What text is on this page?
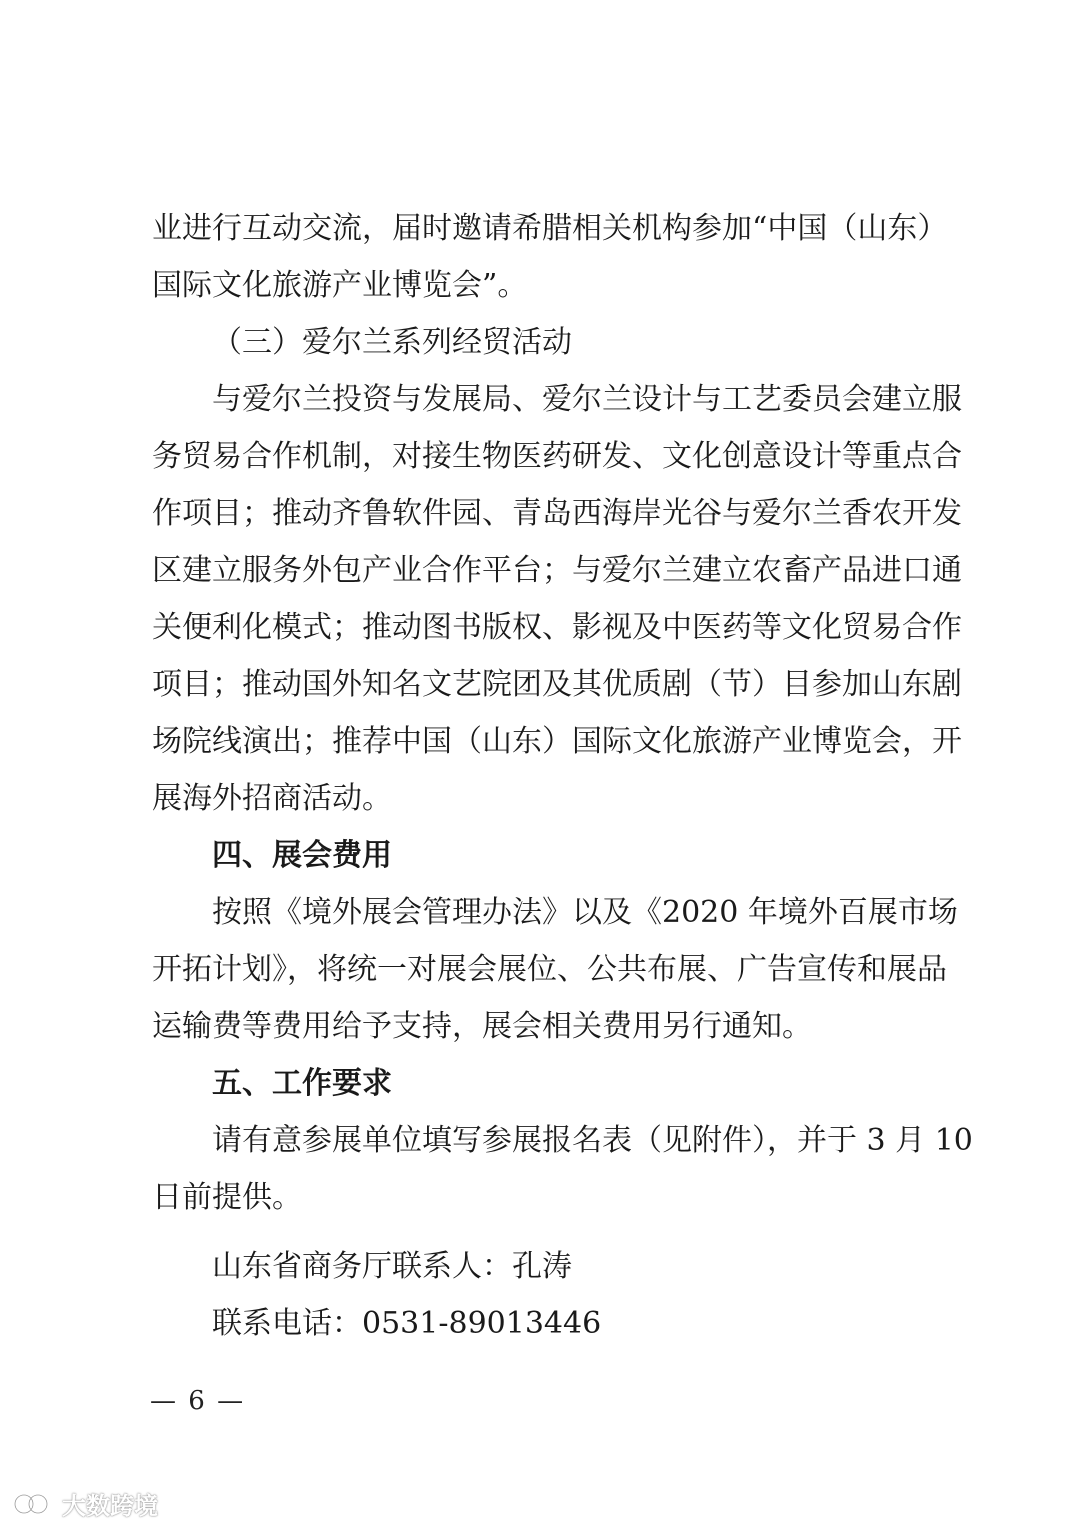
业进行互动交流，届时邀请希腊相关机构参加“中国（山东）
国际文化旅游产业博览会”。
（三）爱尔兰系列经贸活动
与爱尔兰投资与发展局、爱尔兰设计与工艺委员会建立服
务贸易合作机制，对接生物医药研发、文化创意设计等重点合
作项目；推动齐鲁软件园、青岛西海岸光谷与爱尔兰香农开发
区建立服务外包产业合作平台；与爱尔兰建立农畜产品进口通
关便利化模式；推动图书版权、影视及中医药等文化贸易合作
项目；推动国外知名文艺院团及其优质剧（节）目参加山东剧
场院线演出；推荐中国（山东）国际文化旅游产业博览会，开
展海外招商活动。
四、展会费用
按照《境外展会管理办法》以及《2020 年境外百展市场
开拓计划》，将统一对展会展位、公共布展、广告宣传和展品
运输费等费用给予支持，展会相关费用另行通知。
五、工作要求
请有意参展单位填写参展报名表（见附件），并于 3 月 10
日前提供。
山东省商务厅联系人：孔涛
联系电话：0531-89013446
— 6 —
大数跨境
